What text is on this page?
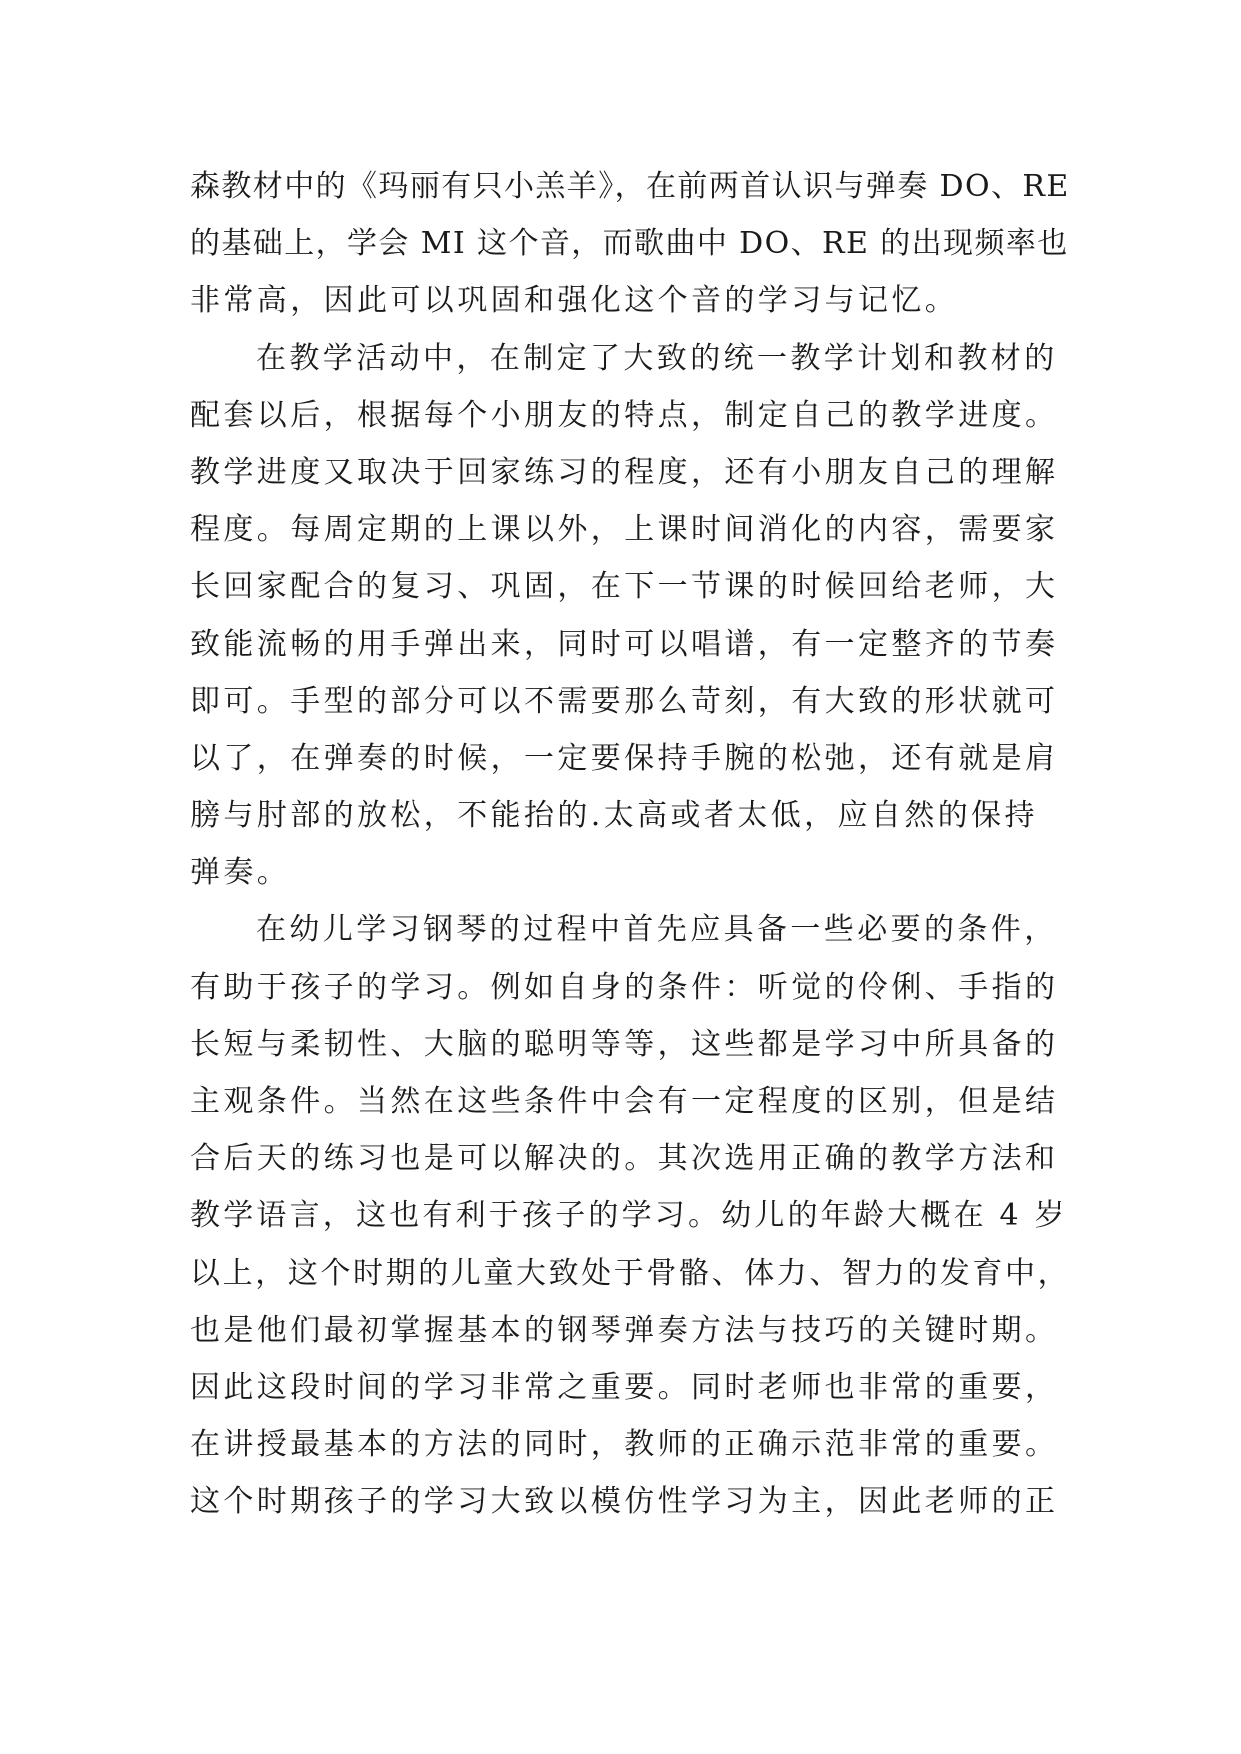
森教材中的《玛丽有只小羔羊》，在前两首认识与弹奏 DO、RE
的基础上，学会 MI 这个音，而歌曲中 DO、RE 的出现频率也
非常高，因此可以巩固和强化这个音的学习与记忆。
在教学活动中，在制定了大致的统一教学计划和教材的
配套以后，根据每个小朋友的特点，制定自己的教学进度。
教学进度又取决于回家练习的程度，还有小朋友自己的理解
程度。每周定期的上课以外，上课时间消化的内容，需要家
长回家配合的复习、巩固，在下一节课的时候回给老师，大
致能流畅的用手弹出来，同时可以唱谱，有一定整齐的节奏
即可。手型的部分可以不需要那么苛刻，有大致的形状就可
以了，在弹奏的时候，一定要保持手腕的松弛，还有就是肩
膀与肘部的放松，不能抬的.太高或者太低，应自然的保持
弹奏。
在幼儿学习钢琴的过程中首先应具备一些必要的条件，
有助于孩子的学习。例如自身的条件：听觉的伶俐、手指的
长短与柔韧性、大脑的聪明等等，这些都是学习中所具备的
主观条件。当然在这些条件中会有一定程度的区别，但是结
合后天的练习也是可以解决的。其次选用正确的教学方法和
教学语言，这也有利于孩子的学习。幼儿的年龄大概在 4 岁
以上，这个时期的儿童大致处于骨骼、体力、智力的发育中，
也是他们最初掌握基本的钢琴弹奏方法与技巧的关键时期。
因此这段时间的学习非常之重要。同时老师也非常的重要，
在讲授最基本的方法的同时，教师的正确示范非常的重要。
这个时期孩子的学习大致以模仿性学习为主，因此老师的正
